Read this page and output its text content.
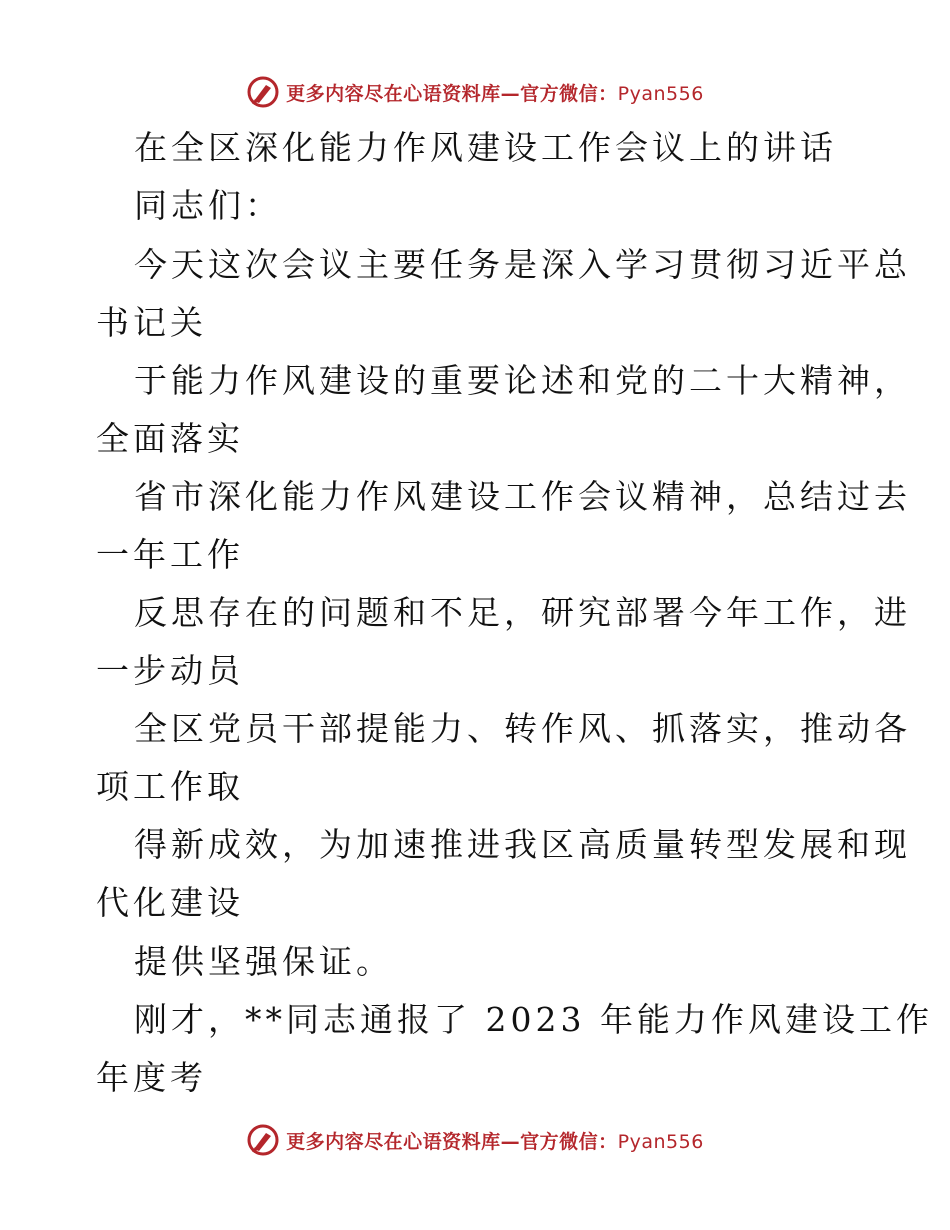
更多内容尽在心语资料库—官方微信：Pyan556
在全区深化能力作风建设工作会议上的讲话
同志们：
今天这次会议主要任务是深入学习贯彻习近平总
书记关
于能力作风建设的重要论述和党的二十大精神，
全面落实
省市深化能力作风建设工作会议精神，总结过去
一年工作
反思存在的问题和不足，研究部署今年工作，进
一步动员
全区党员干部提能力、转作风、抓落实，推动各
项工作取
得新成效，为加速推进我区高质量转型发展和现
代化建设
提供坚强保证。
刚才，**同志通报了 2023 年能力作风建设工作
年度考
更多内容尽在心语资料库—官方微信：Pyan556
